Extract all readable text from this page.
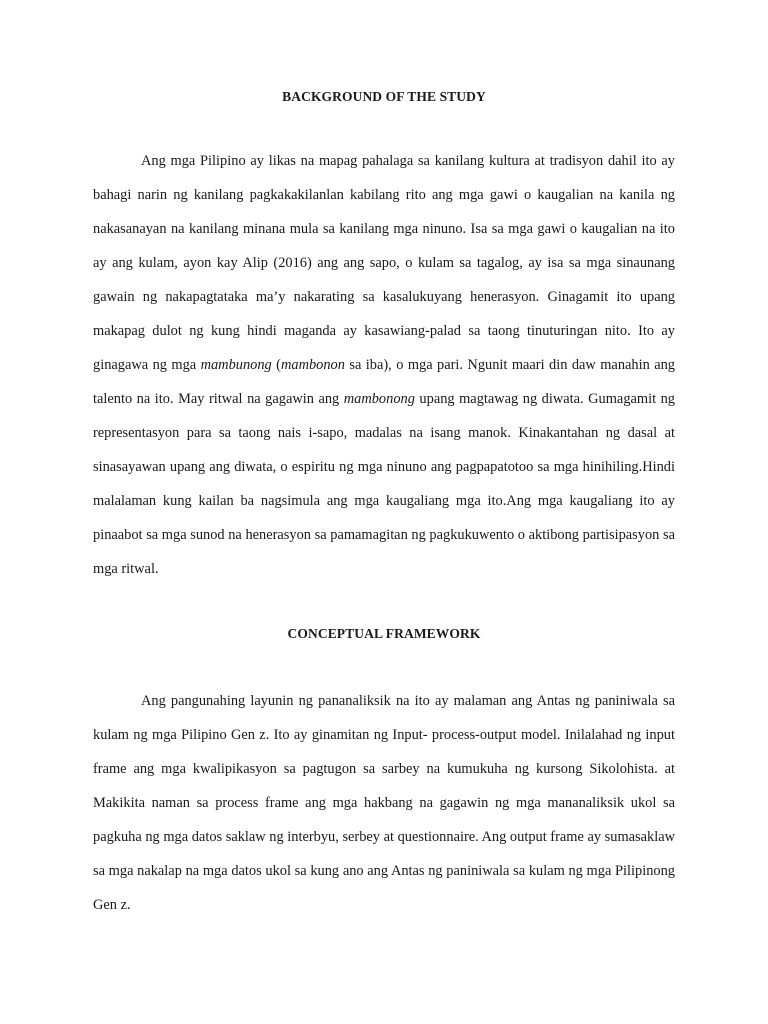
BACKGROUND OF THE STUDY

Ang mga Pilipino ay likas na mapag pahalaga sa kanilang kultura at tradisyon dahil ito ay bahagi narin ng kanilang pagkakakilanlan kabilang rito ang mga gawi o kaugalian na kanila ng nakasanayan na kanilang minana mula sa kanilang mga ninuno. Isa sa mga gawi o kaugalian na ito ay ang kulam, ayon kay Alip (2016) ang ang sapo, o kulam sa tagalog, ay isa sa mga sinaunang gawain ng nakapagtataka ma’y nakarating sa kasalukuyang henerasyon. Ginagamit ito upang makapag dulot ng kung hindi maganda ay kasawiang-palad sa taong tinuturingan nito. Ito ay ginagawa ng mga mambunong (mambonon sa iba), o mga pari. Ngunit maari din daw manahin ang talento na ito. May ritwal na gagawin ang mambonong upang magtawag ng diwata. Gumagamit ng representasyon para sa taong nais i-sapo, madalas na isang manok. Kinakantahan ng dasal at sinasayawan upang ang diwata, o espiritu ng mga ninuno ang pagpapatotoo sa mga hinihiling.Hindi malalaman kung kailan ba nagsimula ang mga kaugaliang mga ito.Ang mga kaugaliang ito ay pinaabot sa mga sunod na henerasyon sa pamamagitan ng pagkukuwento o aktibong partisipasyon sa mga ritwal.

CONCEPTUAL FRAMEWORK

Ang pangunahing layunin ng pananaliksik na ito ay malaman ang Antas ng paniniwala sa kulam ng mga Pilipino Gen z. Ito ay ginamitan ng Input- process-output model. Inilalahad ng input frame ang mga kwalipikasyon sa pagtugon sa sarbey na kumukuha ng kursong Sikolohista. at Makikita naman sa process frame ang mga hakbang na gagawin ng mga mananaliksik ukol sa pagkuha ng mga datos saklaw ng interbyu, serbey at questionnaire. Ang output frame ay sumasaklaw sa mga nakalap na mga datos ukol sa kung ano ang Antas ng paniniwala sa kulam ng mga Pilipinong Gen z.
